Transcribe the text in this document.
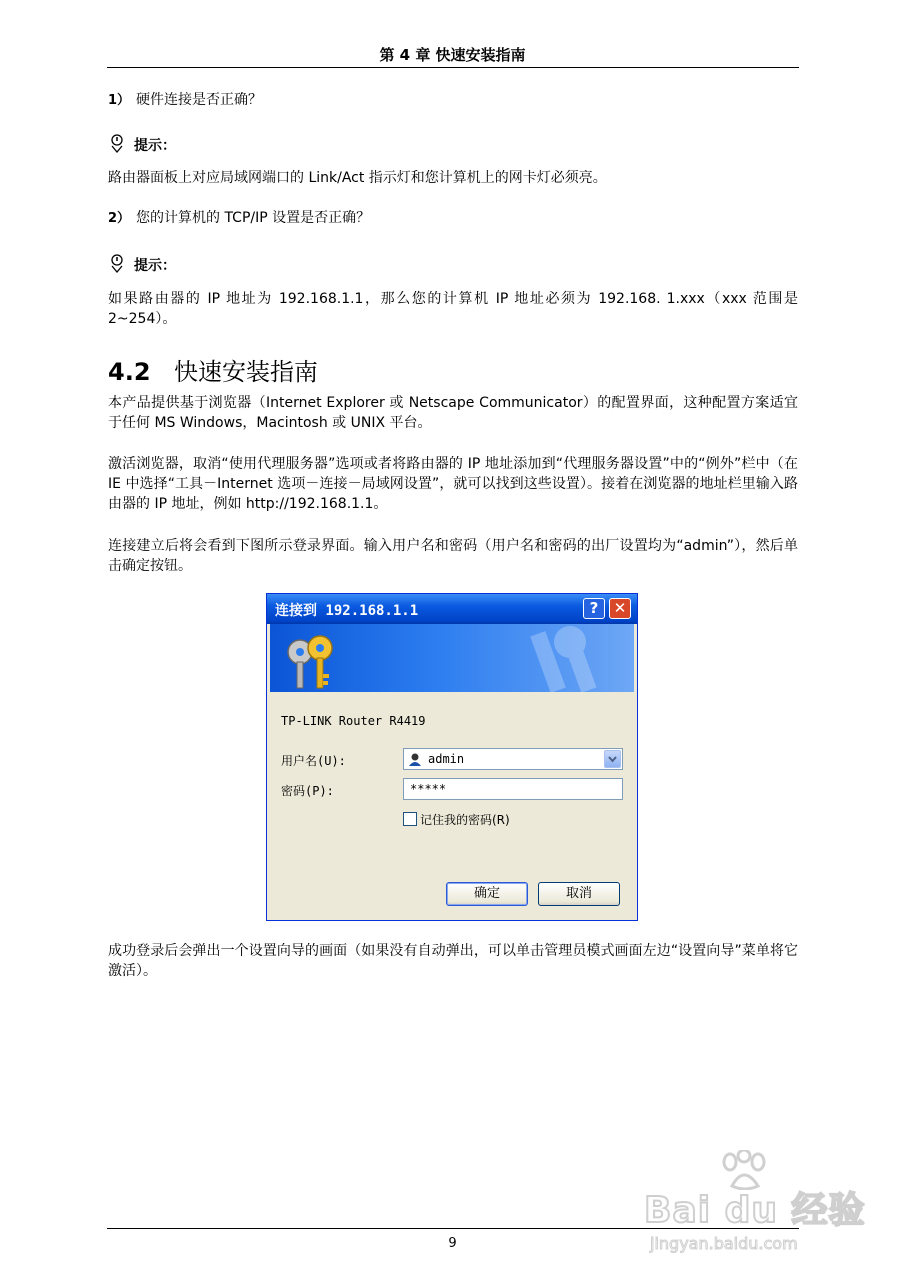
第 4 章 快速安装指南
1） 硬件连接是否正确？
提示：
路由器面板上对应局域网端口的 Link/Act 指示灯和您计算机上的网卡灯必须亮。
2） 您的计算机的 TCP/IP 设置是否正确？
提示：
如果路由器的 IP 地址为 192.168.1.1，那么您的计算机 IP 地址必须为 192.168. 1.xxx（xxx 范围是 2~254）。
4.2 快速安装指南
本产品提供基于浏览器（Internet Explorer 或 Netscape Communicator）的配置界面，这种配置方案适宜于任何 MS Windows，Macintosh 或 UNIX 平台。
激活浏览器，取消“使用代理服务器”选项或者将路由器的 IP 地址添加到“代理服务器设置”中的“例外”栏中（在 IE 中选择“工具－Internet 选项－连接－局域网设置”，就可以找到这些设置）。接着在浏览器的地址栏里输入路由器的 IP 地址，例如 http://192.168.1.1。
连接建立后将会看到下图所示登录界面。输入用户名和密码（用户名和密码的出厂设置均为“admin”），然后单击确定按钮。
连接到 192.168.1.1	?	✕
TP-LINK Router R4419
用户名(U):	admin
密码(P):	*****
记住我的密码(R)
确定	取消
成功登录后会弹出一个设置向导的画面（如果没有自动弹出，可以单击管理员模式画面左边“设置向导”菜单将它激活）。
9
Bai du 经验
jingyan.baidu.com
